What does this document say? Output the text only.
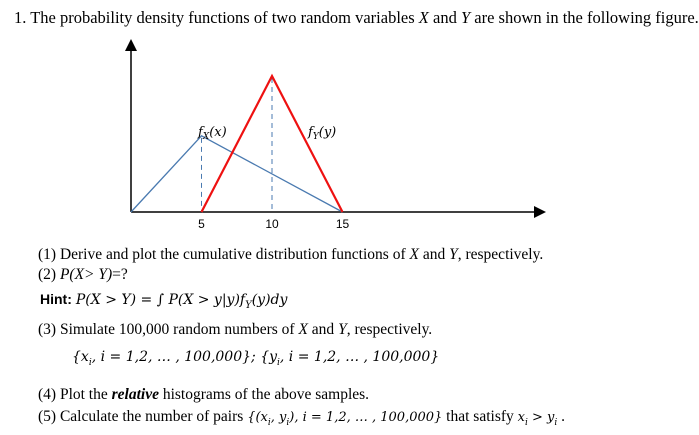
1. The probability density functions of two random variables X and Y are shown in the following figure.
5	10	15
$f_X(x)$	$f_Y(y)$
(1) Derive and plot the cumulative distribution functions of X and Y, respectively.
(2) P(X> Y)=?
Hint: P(X > Y) = ∫ $P(X > y|y)f_Y(y)dy$
(3) Simulate 100,000 random numbers of X and Y, respectively.
{$x_i$, i = 1,2, … , 100,000}; {$y_i$, i = 1,2, … , 100,000}
(4) Plot the relative histograms of the above samples.
(5) Calculate the number of pairs {($x_i$, $y_i$), i = 1,2, … , 100,000} that satisfy $x_i > y_i$ .
